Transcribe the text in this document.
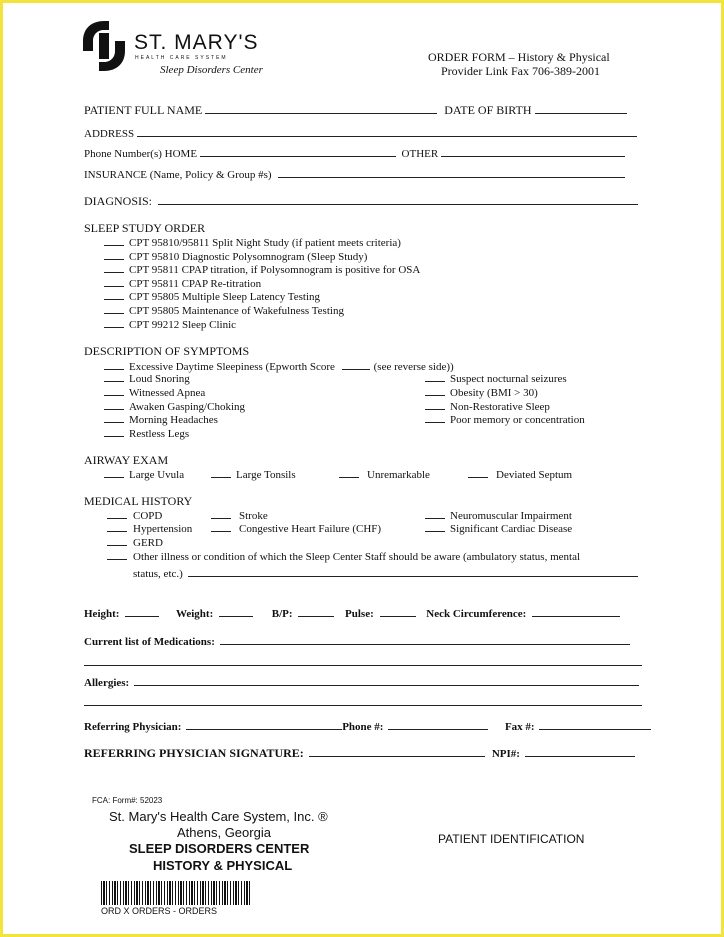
ST. MARY'S
HEALTH CARE SYSTEM
Sleep Disorders Center
ORDER FORM – History & Physical
Provider Link Fax 706-389-2001
PATIENT FULL NAME	DATE OF BIRTH
ADDRESS
Phone Number(s) HOME	OTHER
INSURANCE (Name, Policy & Group #s)
DIAGNOSIS:
SLEEP STUDY ORDER
CPT 95810/95811 Split Night Study (if patient meets criteria)
CPT 95810 Diagnostic Polysomnogram (Sleep Study)
CPT 95811 CPAP titration, if Polysomnogram is positive for OSA
CPT 95811 CPAP Re-titration
CPT 95805 Multiple Sleep Latency Testing
CPT 95805 Maintenance of Wakefulness Testing
CPT 99212 Sleep Clinic
DESCRIPTION OF SYMPTOMS
Excessive Daytime Sleepiness (Epworth Score	(see reverse side))
Loud Snoring
Witnessed Apnea
Awaken Gasping/Choking
Morning Headaches
Restless Legs
Suspect nocturnal seizures
Obesity (BMI > 30)
Non-Restorative Sleep
Poor memory or concentration
AIRWAY EXAM
Large Uvula	Large Tonsils	Unremarkable	Deviated Septum
MEDICAL HISTORY
COPD
Hypertension
GERD
Stroke
Congestive Heart Failure (CHF)
Neuromuscular Impairment
Significant Cardiac Disease
Other illness or condition of which the Sleep Center Staff should be aware (ambulatory status, mental
status, etc.)
Height:	Weight:	B/P:	Pulse:	Neck Circumference:
Current list of Medications:
Allergies:
Referring Physician:	Phone #:	Fax #:
REFERRING PHYSICIAN SIGNATURE:	NPI#:
FCA: Form#: 52023
St. Mary's Health Care System, Inc. ®
Athens, Georgia
SLEEP DISORDERS CENTER
HISTORY & PHYSICAL
PATIENT IDENTIFICATION
ORD X ORDERS - ORDERS
